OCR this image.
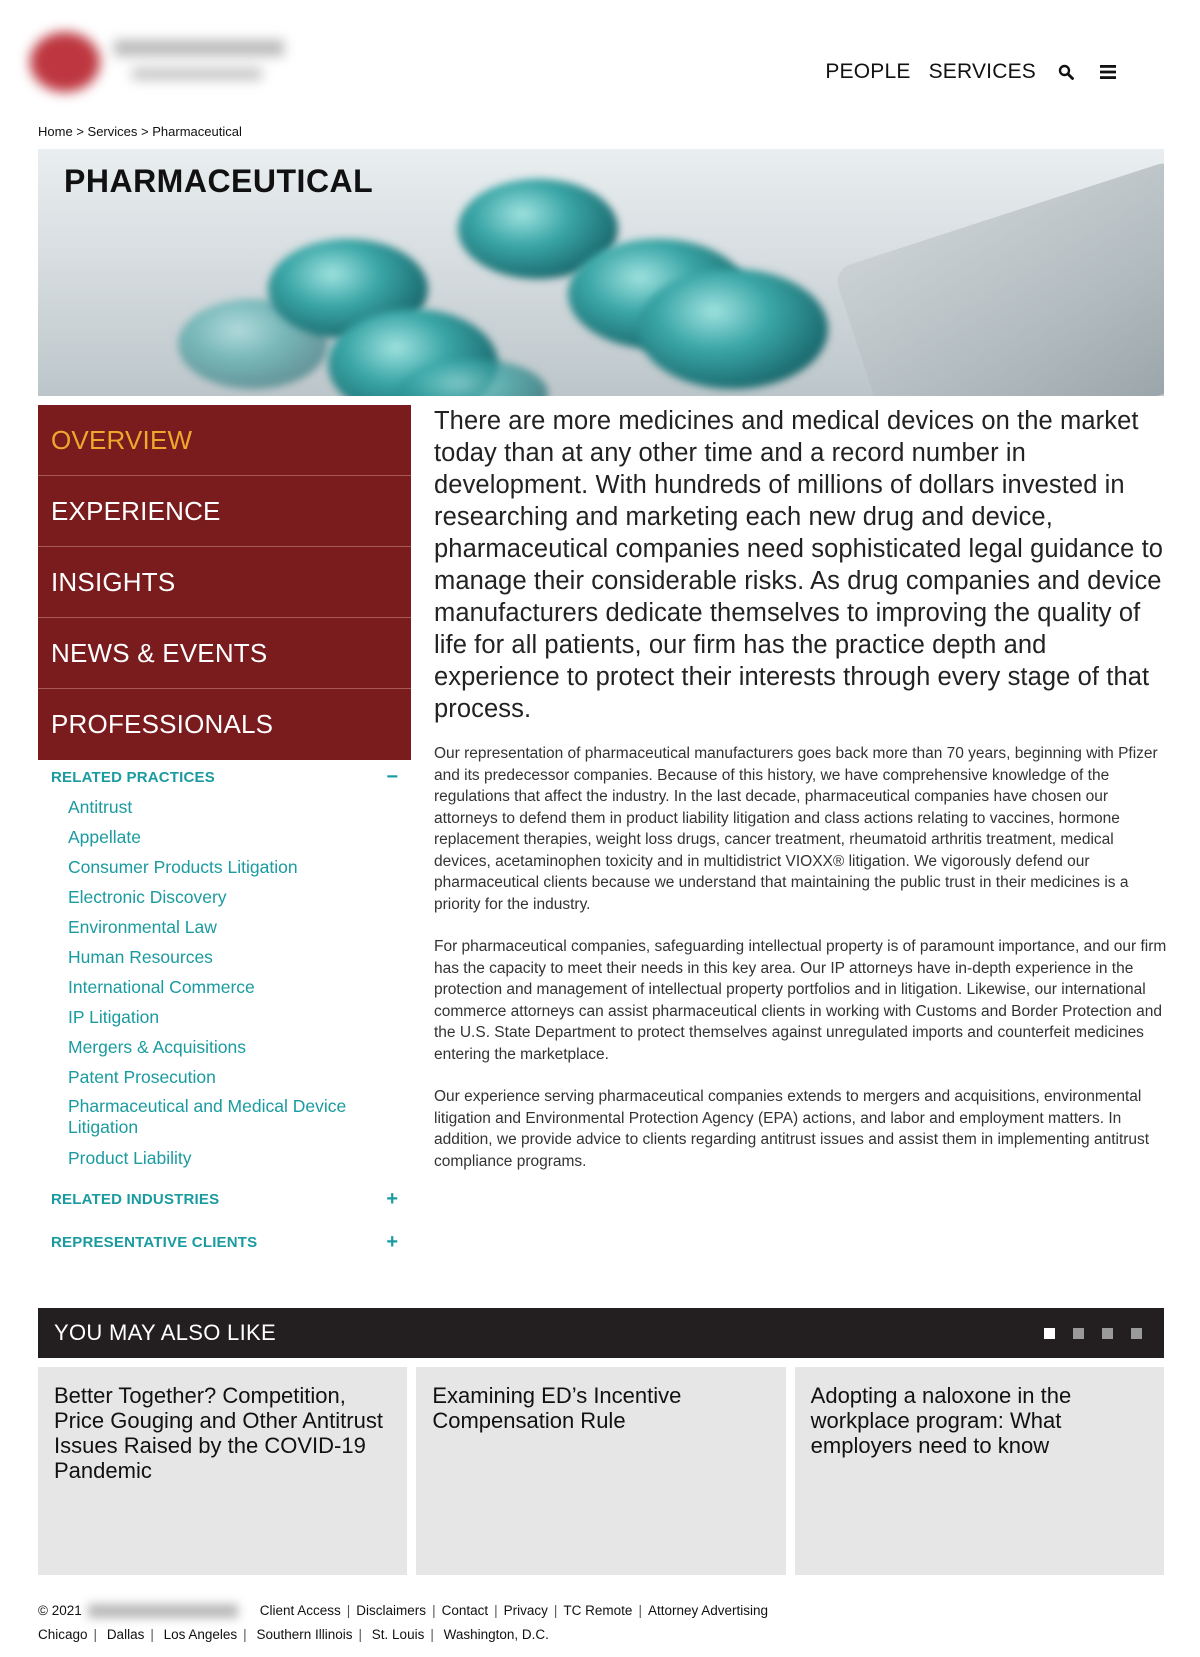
PEOPLE SERVICES
Home > Services > Pharmaceutical
PHARMACEUTICAL
OVERVIEW
EXPERIENCE
INSIGHTS
NEWS & EVENTS
PROFESSIONALS
RELATED PRACTICES	−
Antitrust
Appellate
Consumer Products Litigation
Electronic Discovery
Environmental Law
Human Resources
International Commerce
IP Litigation
Mergers & Acquisitions
Patent Prosecution
Pharmaceutical and Medical Device Litigation
Product Liability
RELATED INDUSTRIES	+
REPRESENTATIVE CLIENTS	+

There are more medicines and medical devices on the market today than at any other time and a record number in development. With hundreds of millions of dollars invested in researching and marketing each new drug and device, pharmaceutical companies need sophisticated legal guidance to manage their considerable risks. As drug companies and device manufacturers dedicate themselves to improving the quality of life for all patients, our firm has the practice depth and experience to protect their interests through every stage of that process.

Our representation of pharmaceutical manufacturers goes back more than 70 years, beginning with Pfizer and its predecessor companies. Because of this history, we have comprehensive knowledge of the regulations that affect the industry. In the last decade, pharmaceutical companies have chosen our attorneys to defend them in product liability litigation and class actions relating to vaccines, hormone replacement therapies, weight loss drugs, cancer treatment, rheumatoid arthritis treatment, medical devices, acetaminophen toxicity and in multidistrict VIOXX® litigation. We vigorously defend our pharmaceutical clients because we understand that maintaining the public trust in their medicines is a priority for the industry.

For pharmaceutical companies, safeguarding intellectual property is of paramount importance, and our firm has the capacity to meet their needs in this key area. Our IP attorneys have in-depth experience in the protection and management of intellectual property portfolios and in litigation. Likewise, our international commerce attorneys can assist pharmaceutical clients in working with Customs and Border Protection and the U.S. State Department to protect themselves against unregulated imports and counterfeit medicines entering the marketplace.

Our experience serving pharmaceutical companies extends to mergers and acquisitions, environmental litigation and Environmental Protection Agency (EPA) actions, and labor and employment matters. In addition, we provide advice to clients regarding antitrust issues and assist them in implementing antitrust compliance programs.

YOU MAY ALSO LIKE
Better Together? Competition, Price Gouging and Other Antitrust Issues Raised by the COVID-19 Pandemic
Examining ED’s Incentive Compensation Rule
Adopting a naloxone in the workplace program: What employers need to know
© 2021	Client Access | Disclaimers | Contact | Privacy | TC Remote | Attorney Advertising
Chicago | Dallas | Los Angeles | Southern Illinois | St. Louis | Washington, D.C.
